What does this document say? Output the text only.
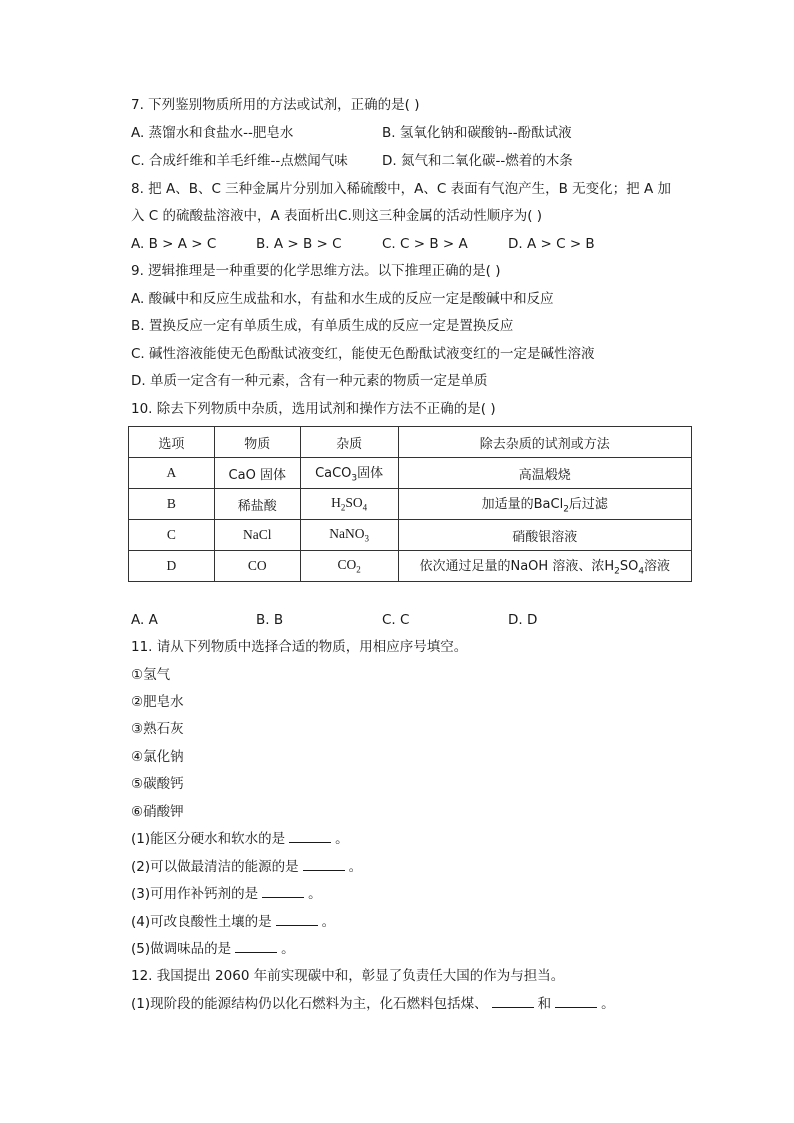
7. 下列鉴别物质所用的方法或试剂，正确的是( )
A. 蒸馏水和食盐水--肥皂水	B. 氢氧化钠和碳酸钠--酚酞试液
C. 合成纤维和羊毛纤维--点燃闻气味	D. 氮气和二氧化碳--燃着的木条
8. 把 A、B、C 三种金属片分别加入稀硫酸中，A、C 表面有气泡产生，B 无变化；把 A 加
入 C 的硫酸盐溶液中，A 表面析出C.则这三种金属的活动性顺序为( )
A. B > A > C	B. A > B > C	C. C > B > A	D. A > C > B
9. 逻辑推理是一种重要的化学思维方法。以下推理正确的是( )
A. 酸碱中和反应生成盐和水，有盐和水生成的反应一定是酸碱中和反应
B. 置换反应一定有单质生成，有单质生成的反应一定是置换反应
C. 碱性溶液能使无色酚酞试液变红，能使无色酚酞试液变红的一定是碱性溶液
D. 单质一定含有一种元素，含有一种元素的物质一定是单质
10. 除去下列物质中杂质，选用试剂和操作方法不正确的是( )
选项	物质	杂质	除去杂质的试剂或方法
A	CaO 固体	CaCO$_3$固体	高温煅烧
B	稀盐酸	$H_2SO_4$	加适量的BaCl$_2$后过滤
C	NaCl	NaNO$_3$	硝酸银溶液
D	CO	$CO_2$	依次通过足量的NaOH 溶液、浓$H_2SO_4$溶液
A. A	B. B	C. C	D. D
11. 请从下列物质中选择合适的物质，用相应序号填空。
①氢气
②肥皂水
③熟石灰
④氯化钠
⑤碳酸钙
⑥硝酸钾
(1)能区分硬水和软水的是	。
(2)可以做最清洁的能源的是	。
(3)可用作补钙剂的是	。
(4)可改良酸性土壤的是	。
(5)做调味品的是	。
12. 我国提出 2060 年前实现碳中和，彰显了负责任大国的作为与担当。
(1)现阶段的能源结构仍以化石燃料为主，化石燃料包括煤、	和	。
